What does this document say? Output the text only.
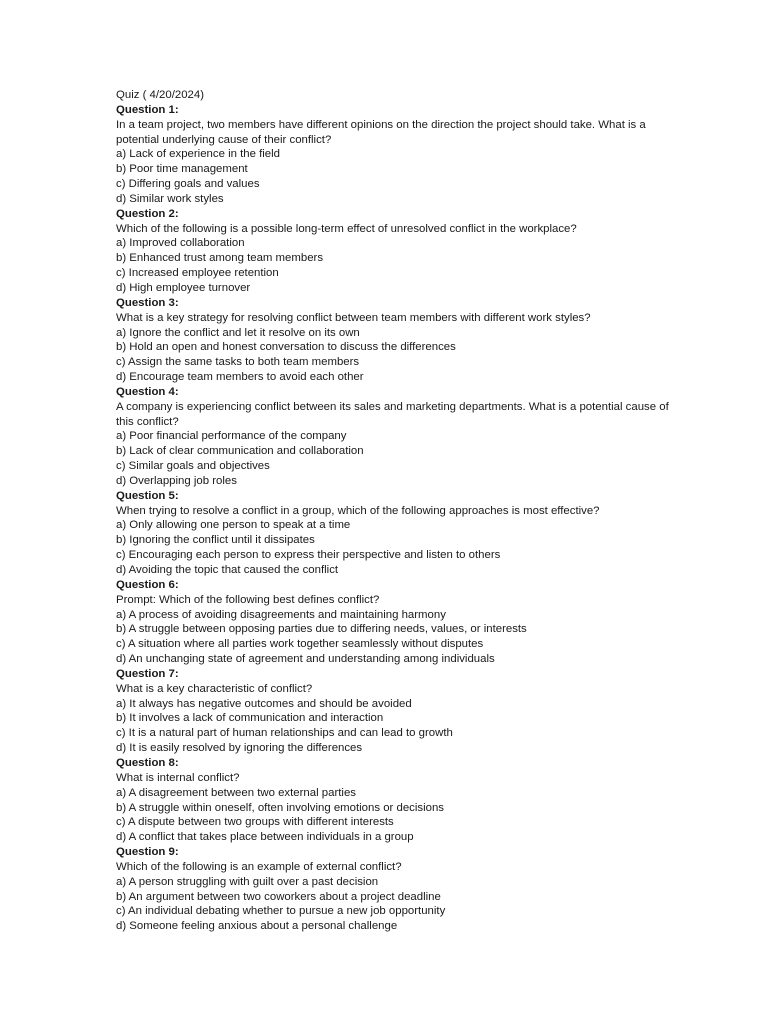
Quiz ( 4/20/2024)
Question 1:
In a team project, two members have different opinions on the direction the project should take. What is a potential underlying cause of their conflict?
a) Lack of experience in the field
b) Poor time management
c) Differing goals and values
d) Similar work styles
Question 2:
Which of the following is a possible long-term effect of unresolved conflict in the workplace?
a) Improved collaboration
b) Enhanced trust among team members
c) Increased employee retention
d) High employee turnover
Question 3:
What is a key strategy for resolving conflict between team members with different work styles?
a) Ignore the conflict and let it resolve on its own
b) Hold an open and honest conversation to discuss the differences
c) Assign the same tasks to both team members
d) Encourage team members to avoid each other
Question 4:
A company is experiencing conflict between its sales and marketing departments. What is a potential cause of this conflict?
a) Poor financial performance of the company
b) Lack of clear communication and collaboration
c) Similar goals and objectives
d) Overlapping job roles
Question 5:
When trying to resolve a conflict in a group, which of the following approaches is most effective?
a) Only allowing one person to speak at a time
b) Ignoring the conflict until it dissipates
c) Encouraging each person to express their perspective and listen to others
d) Avoiding the topic that caused the conflict
Question 6:
Prompt: Which of the following best defines conflict?
a) A process of avoiding disagreements and maintaining harmony
b) A struggle between opposing parties due to differing needs, values, or interests
c) A situation where all parties work together seamlessly without disputes
d) An unchanging state of agreement and understanding among individuals
Question 7:
What is a key characteristic of conflict?
a) It always has negative outcomes and should be avoided
b) It involves a lack of communication and interaction
c) It is a natural part of human relationships and can lead to growth
d) It is easily resolved by ignoring the differences
Question 8:
What is internal conflict?
a) A disagreement between two external parties
b) A struggle within oneself, often involving emotions or decisions
c) A dispute between two groups with different interests
d) A conflict that takes place between individuals in a group
Question 9:
Which of the following is an example of external conflict?
a) A person struggling with guilt over a past decision
b) An argument between two coworkers about a project deadline
c) An individual debating whether to pursue a new job opportunity
d) Someone feeling anxious about a personal challenge
